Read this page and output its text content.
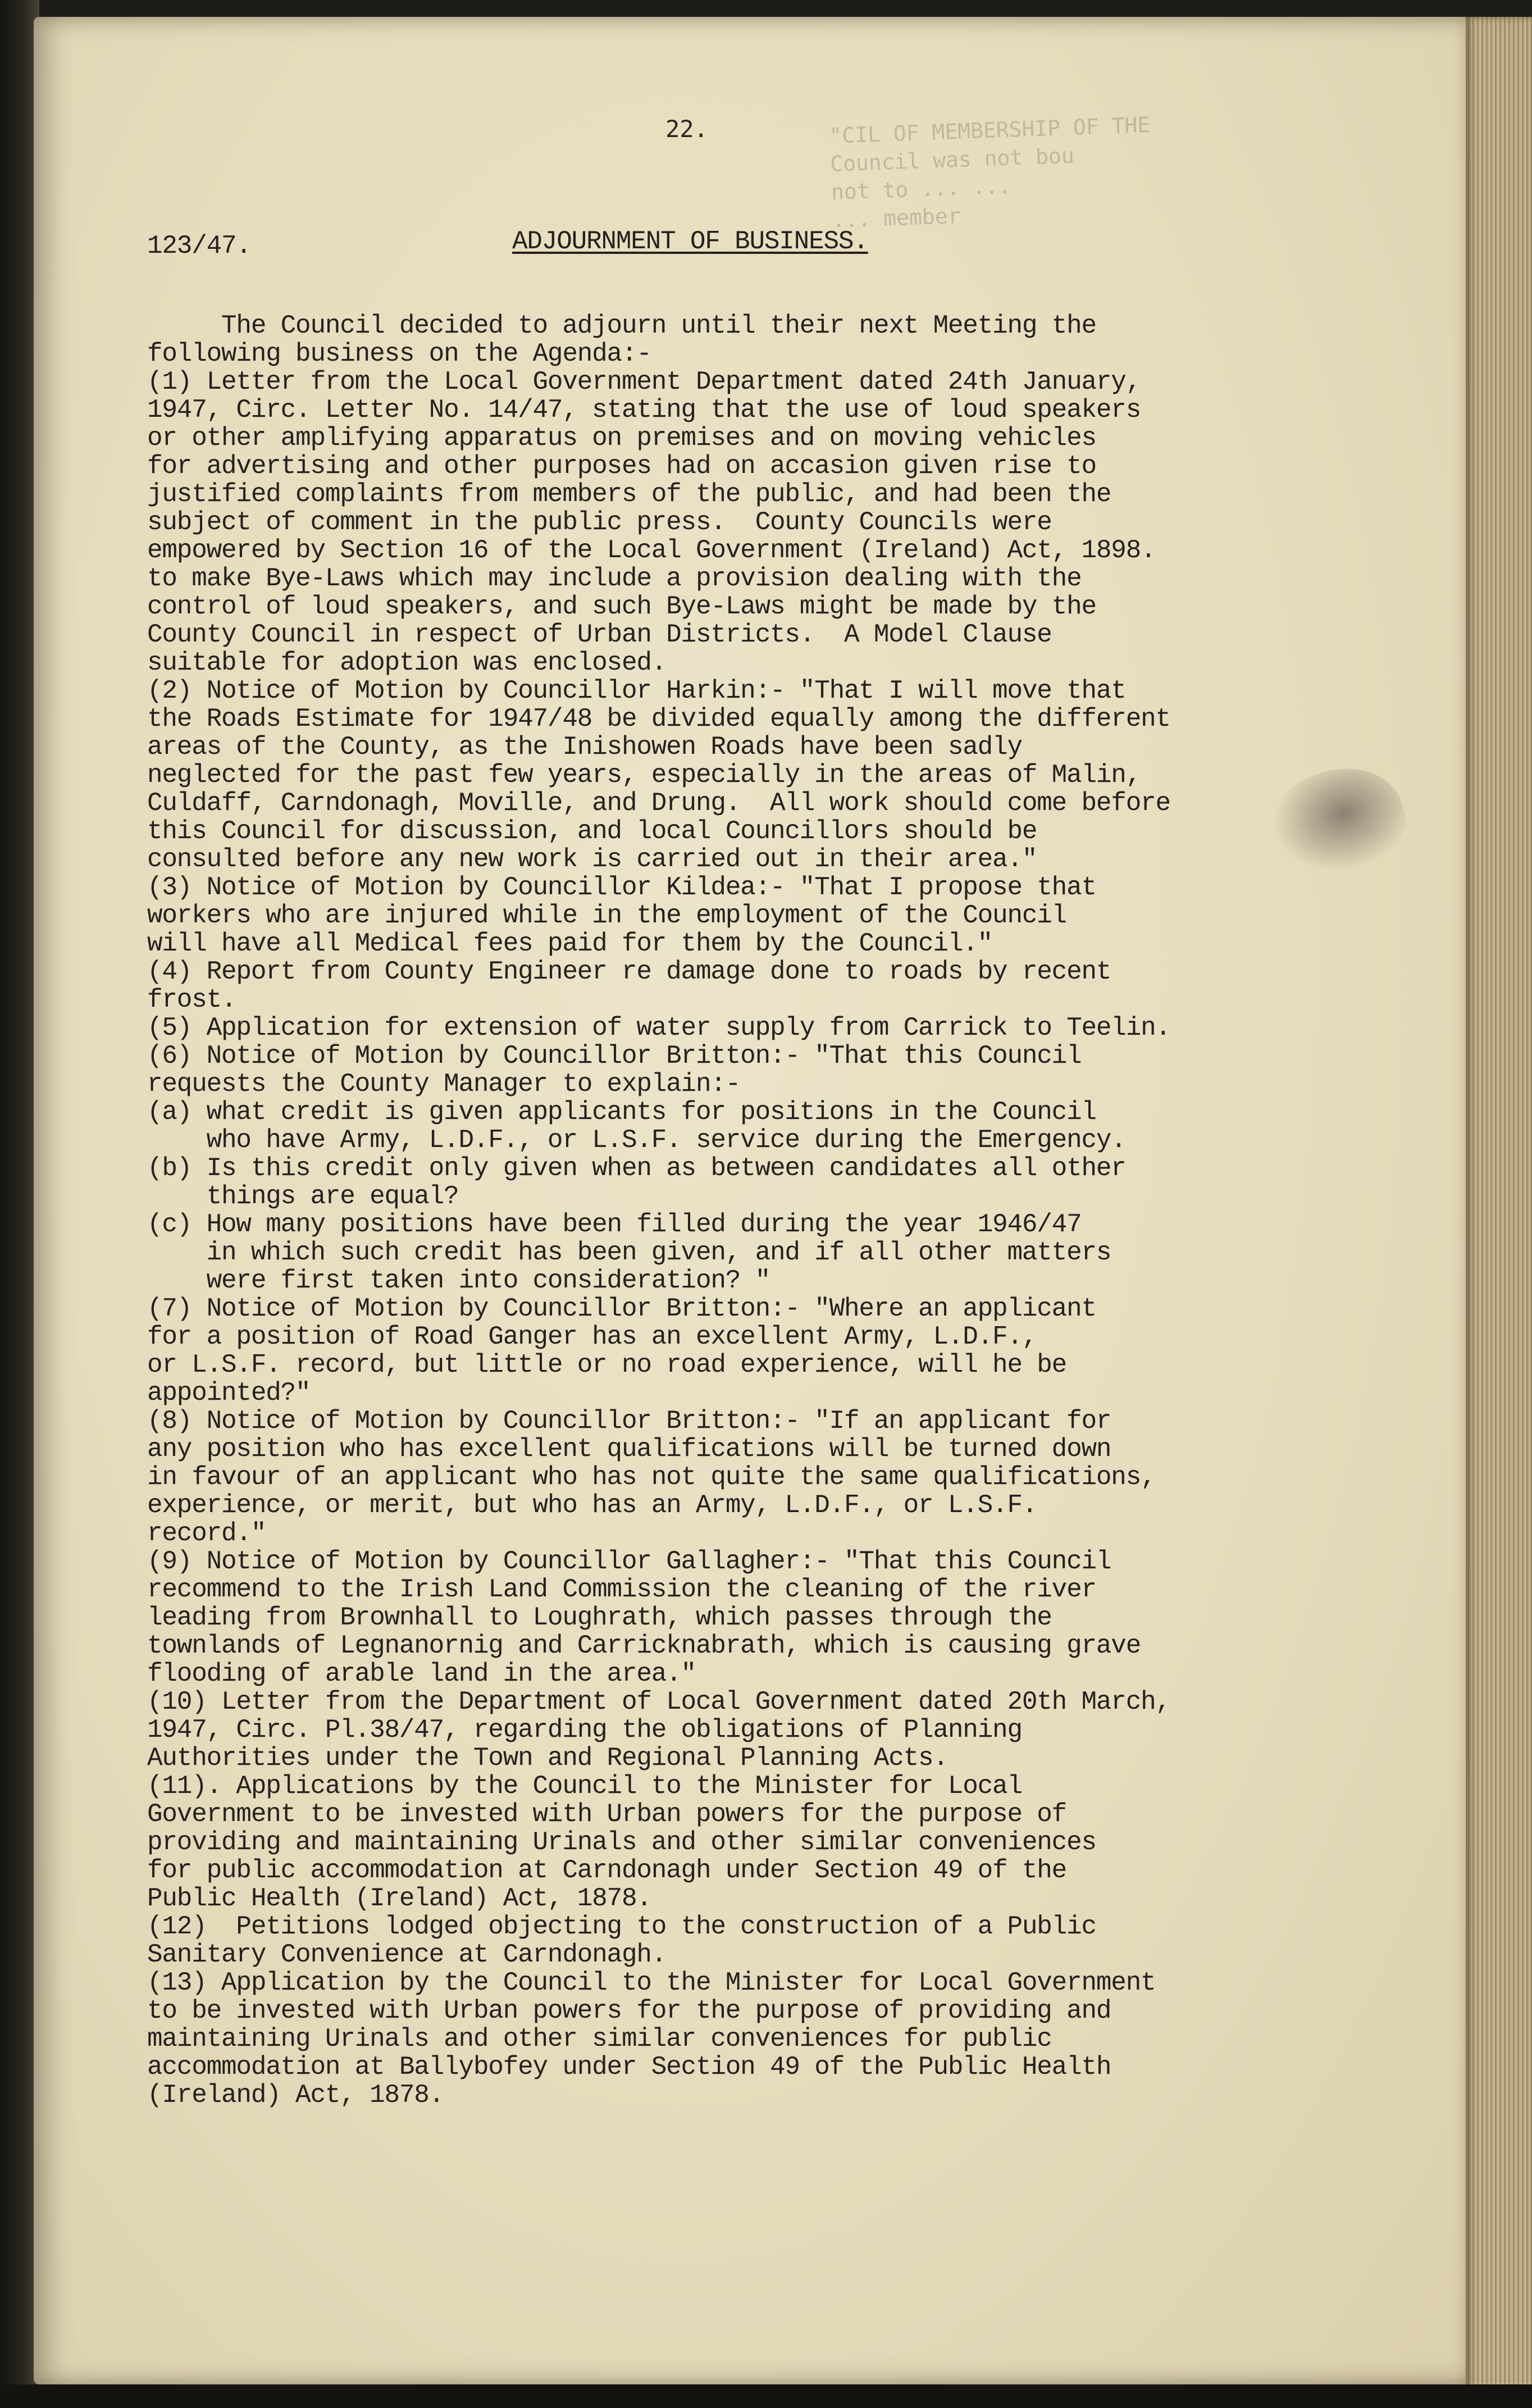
"CIL OF MEMBERSHIP OF THE
Council was not bou
not to ... ...
... member
22.

123/47.

	ADJOURNMENT OF BUSINESS.

The Council decided to adjourn until their next Meeting the
following business on the Agenda:-
(1) Letter from the Local Government Department dated 24th January,
1947, Circ. Letter No. 14/47, stating that the use of loud speakers
or other amplifying apparatus on premises and on moving vehicles
for advertising and other purposes had on accasion given rise to
justified complaints from members of the public, and had been the
subject of comment in the public press.  County Councils were
empowered by Section 16 of the Local Government (Ireland) Act, 1898.
to make Bye-Laws which may include a provision dealing with the
control of loud speakers, and such Bye-Laws might be made by the
County Council in respect of Urban Districts.  A Model Clause
suitable for adoption was enclosed.
(2) Notice of Motion by Councillor Harkin:- "That I will move that
the Roads Estimate for 1947/48 be divided equally among the different
areas of the County, as the Inishowen Roads have been sadly
neglected for the past few years, especially in the areas of Malin,
Culdaff, Carndonagh, Moville, and Drung.  All work should come before
this Council for discussion, and local Councillors should be
consulted before any new work is carried out in their area."
(3) Notice of Motion by Councillor Kildea:- "That I propose that
workers who are injured while in the employment of the Council
will have all Medical fees paid for them by the Council."
(4) Report from County Engineer re damage done to roads by recent
frost.
(5) Application for extension of water supply from Carrick to Teelin.
(6) Notice of Motion by Councillor Britton:- "That this Council
requests the County Manager to explain:-
(a) what credit is given applicants for positions in the Council
who have Army, L.D.F., or L.S.F. service during the Emergency.
(b) Is this credit only given when as between candidates all other
things are equal?
(c) How many positions have been filled during the year 1946/47
in which such credit has been given, and if all other matters
were first taken into consideration? "
(7) Notice of Motion by Councillor Britton:- "Where an applicant
for a position of Road Ganger has an excellent Army, L.D.F.,
or L.S.F. record, but little or no road experience, will he be
appointed?"
(8) Notice of Motion by Councillor Britton:- "If an applicant for
any position who has excellent qualifications will be turned down
in favour of an applicant who has not quite the same qualifications,
experience, or merit, but who has an Army, L.D.F., or L.S.F.
record."
(9) Notice of Motion by Councillor Gallagher:- "That this Council
recommend to the Irish Land Commission the cleaning of the river
leading from Brownhall to Loughrath, which passes through the
townlands of Legnanornig and Carricknabrath, which is causing grave
flooding of arable land in the area."
(10) Letter from the Department of Local Government dated 20th March,
1947, Circ. Pl.38/47, regarding the obligations of Planning
Authorities under the Town and Regional Planning Acts.
(11). Applications by the Council to the Minister for Local
Government to be invested with Urban powers for the purpose of
providing and maintaining Urinals and other similar conveniences
for public accommodation at Carndonagh under Section 49 of the
Public Health (Ireland) Act, 1878.
(12)  Petitions lodged objecting to the construction of a Public
Sanitary Convenience at Carndonagh.
(13) Application by the Council to the Minister for Local Government
to be invested with Urban powers for the purpose of providing and
maintaining Urinals and other similar conveniences for public
accommodation at Ballybofey under Section 49 of the Public Health
(Ireland) Act, 1878.
